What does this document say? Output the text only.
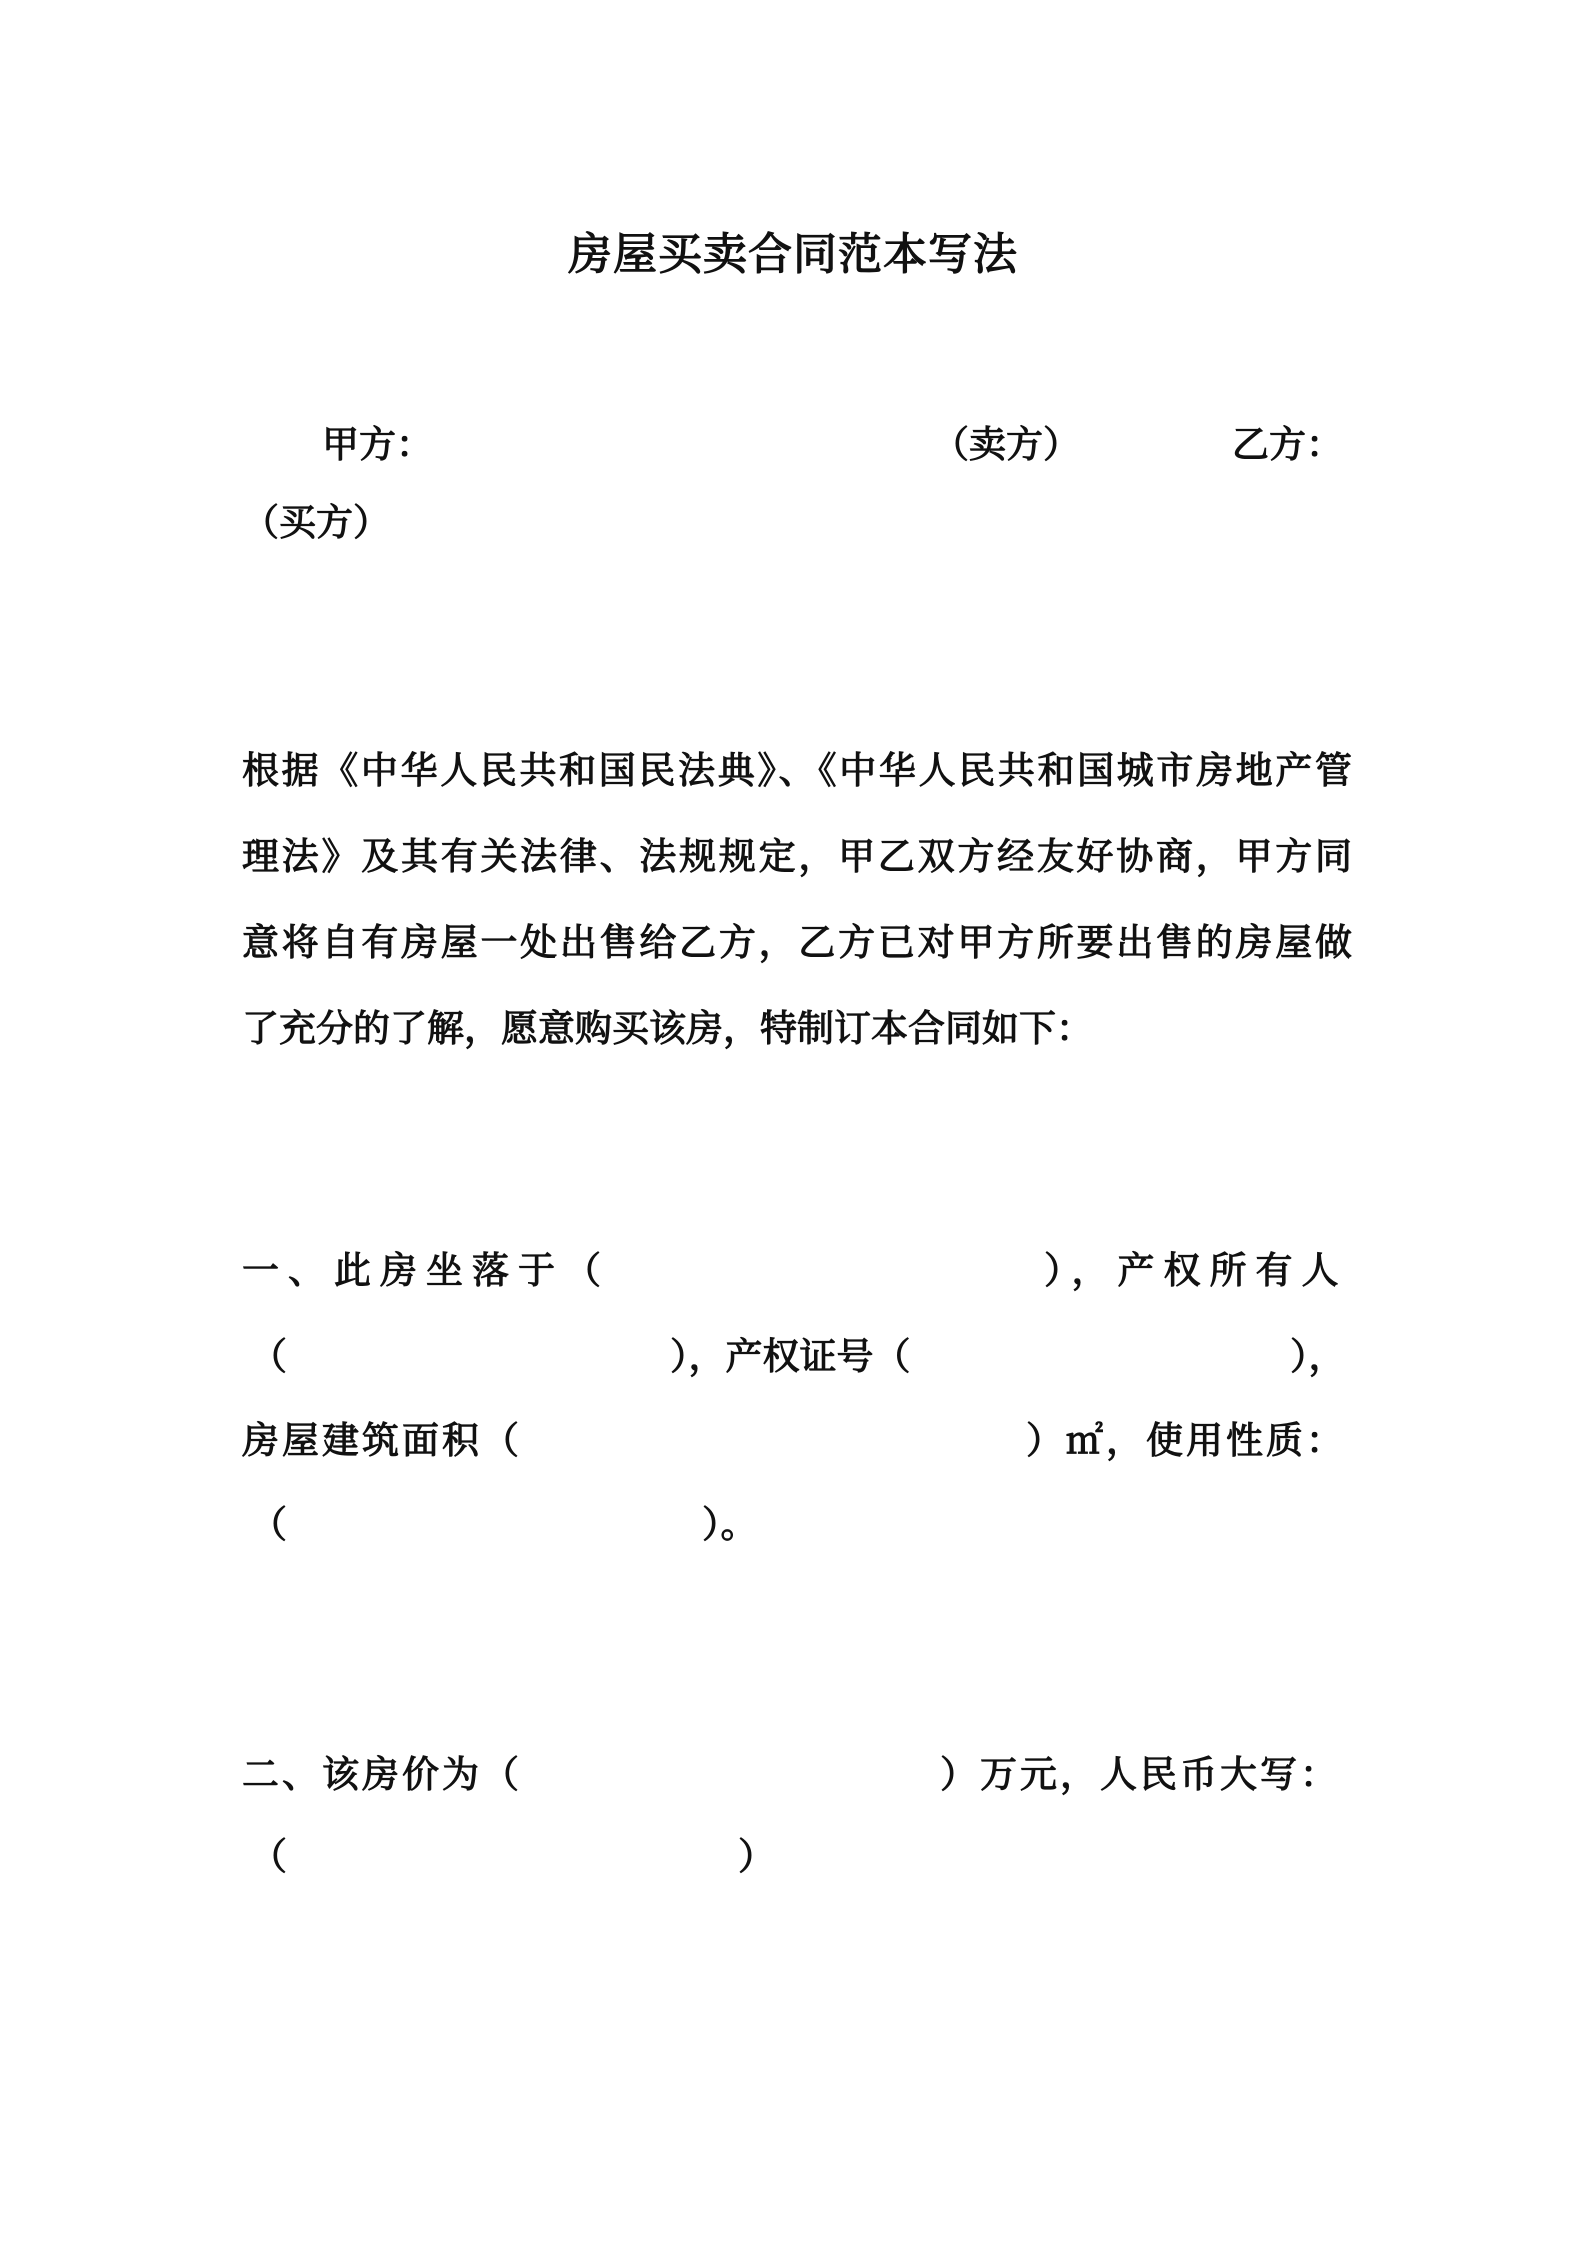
房屋买卖合同范本写法
甲方：	（卖方）	乙方：
（买方）

根据《中华人民共和国民法典》、《中华人民共和国城市房地产管

理法》及其有关法律、法规规定，甲乙双方经友好协商，甲方同

意将自有房屋一处出售给乙方，乙方已对甲方所要出售的房屋做

了充分的了解，愿意购买该房，特制订本合同如下：

一、此房坐落于（	），产权所有人
（	），产权证号（	），
房屋建筑面积（	）㎡，使用性质：
（	）。
二、该房价为（	）万元，人民币大写：
（	）
